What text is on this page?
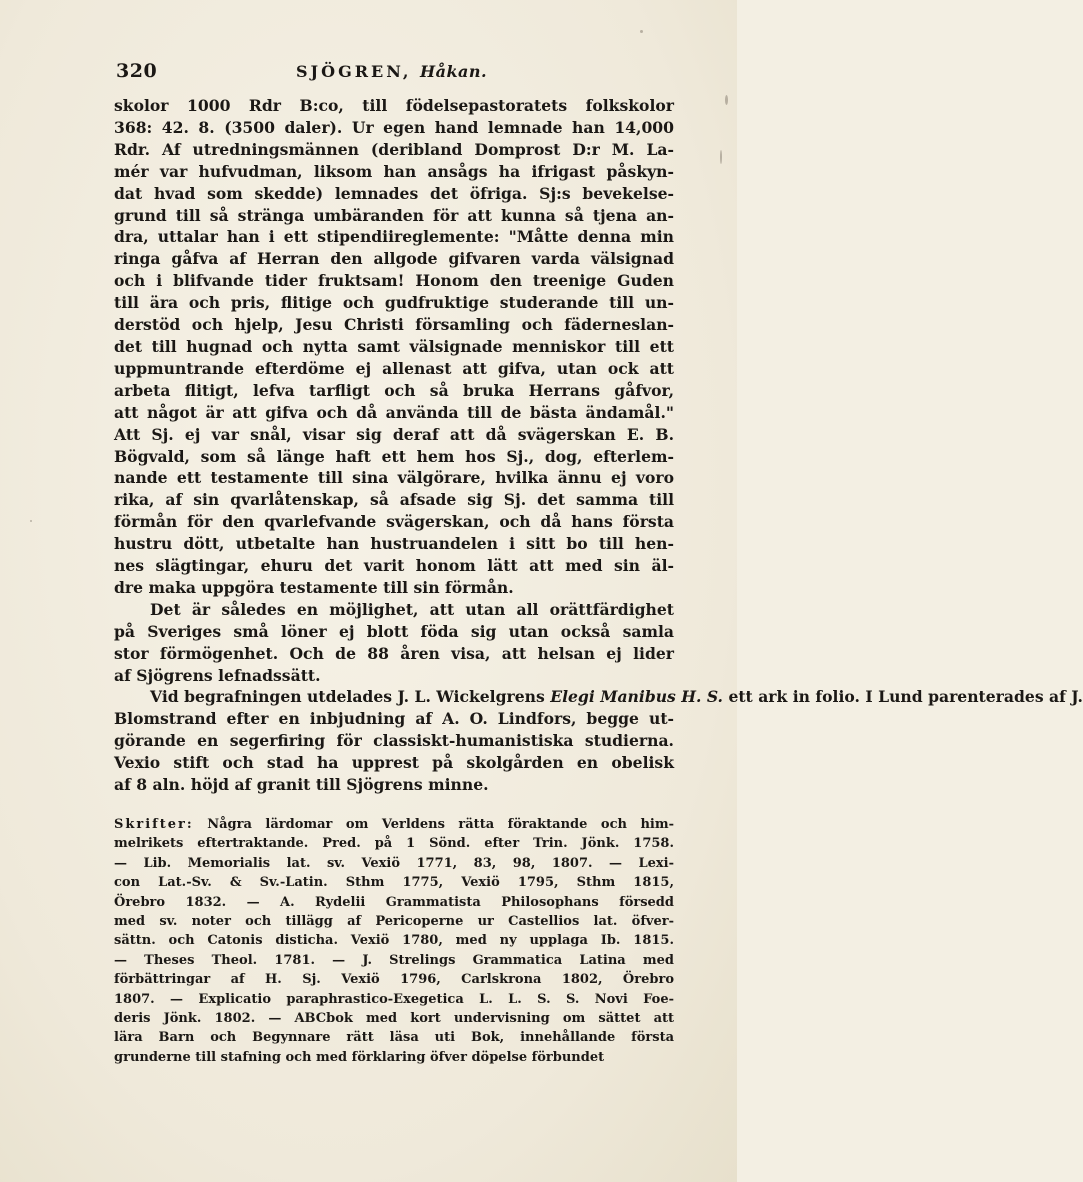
320	SJÖGREN, Håkan.
skolor 1000 Rdr B:co, till födelsepastoratets folkskolor
368: 42. 8. (3500 daler). Ur egen hand lemnade han 14,000
Rdr. Af utredningsmännen (deribland Domprost D:r M. La-
mér var hufvudman, liksom han ansågs ha ifrigast påskyn-
dat hvad som skedde) lemnades det öfriga. Sj:s bevekelse-
grund till så stränga umbäranden för att kunna så tjena an-
dra, uttalar han i ett stipendiireglemente: "Måtte denna min
ringa gåfva af Herran den allgode gifvaren varda välsignad
och i blifvande tider fruktsam! Honom den treenige Guden
till ära och pris, flitige och gudfruktige studerande till un-
derstöd och hjelp, Jesu Christi församling och fäderneslan-
det till hugnad och nytta samt välsignade menniskor till ett
uppmuntrande efterdöme ej allenast att gifva, utan ock att
arbeta flitigt, lefva tarfligt och så bruka Herrans gåfvor,
att något är att gifva och då använda till de bästa ändamål."
Att Sj. ej var snål, visar sig deraf att då svägerskan E. B.
Bögvald, som så länge haft ett hem hos Sj., dog, efterlem-
nande ett testamente till sina välgörare, hvilka ännu ej voro
rika, af sin qvarlåtenskap, så afsade sig Sj. det samma till
förmån för den qvarlefvande svägerskan, och då hans första
hustru dött, utbetalte han hustruandelen i sitt bo till hen-
nes slägtingar, ehuru det varit honom lätt att med sin äl-
dre maka uppgöra testamente till sin förmån.
Det är således en möjlighet, att utan all orättfärdighet
på Sveriges små löner ej blott föda sig utan också samla
stor förmögenhet. Och de 88 åren visa, att helsan ej lider
af Sjögrens lefnadssätt.
Vid begrafningen utdelades J. L. Wickelgrens Elegi Manibus H. S. ett ark in folio. I Lund parenterades af J.
Blomstrand efter en inbjudning af A. O. Lindfors, begge ut-
görande en segerfiring för classiskt-humanistiska studierna.
Vexio stift och stad ha upprest på skolgården en obelisk
af 8 aln. höjd af granit till Sjögrens minne.
Skrifter: Några lärdomar om Verldens rätta föraktande och him-
melrikets eftertraktande. Pred. på 1 Sönd. efter Trin. Jönk. 1758.
— Lib. Memorialis lat. sv. Vexiö 1771, 83, 98, 1807. — Lexi-
con Lat.-Sv. & Sv.-Latin. Sthm 1775, Vexiö 1795, Sthm 1815,
Örebro 1832. — A. Rydelii Grammatista Philosophans försedd
med sv. noter och tillägg af Pericoperne ur Castellios lat. öfver-
sättn. och Catonis disticha. Vexiö 1780, med ny upplaga Ib. 1815.
— Theses Theol. 1781. — J. Strelings Grammatica Latina med
förbättringar af H. Sj. Vexiö 1796, Carlskrona 1802, Örebro
1807. — Explicatio paraphrastico-Exegetica L. L. S. S. Novi Foe-
deris Jönk. 1802. — ABCbok med kort undervisning om sättet att
lära Barn och Begynnare rätt läsa uti Bok, innehållande första
grunderne till stafning och med förklaring öfver döpelse förbundet
